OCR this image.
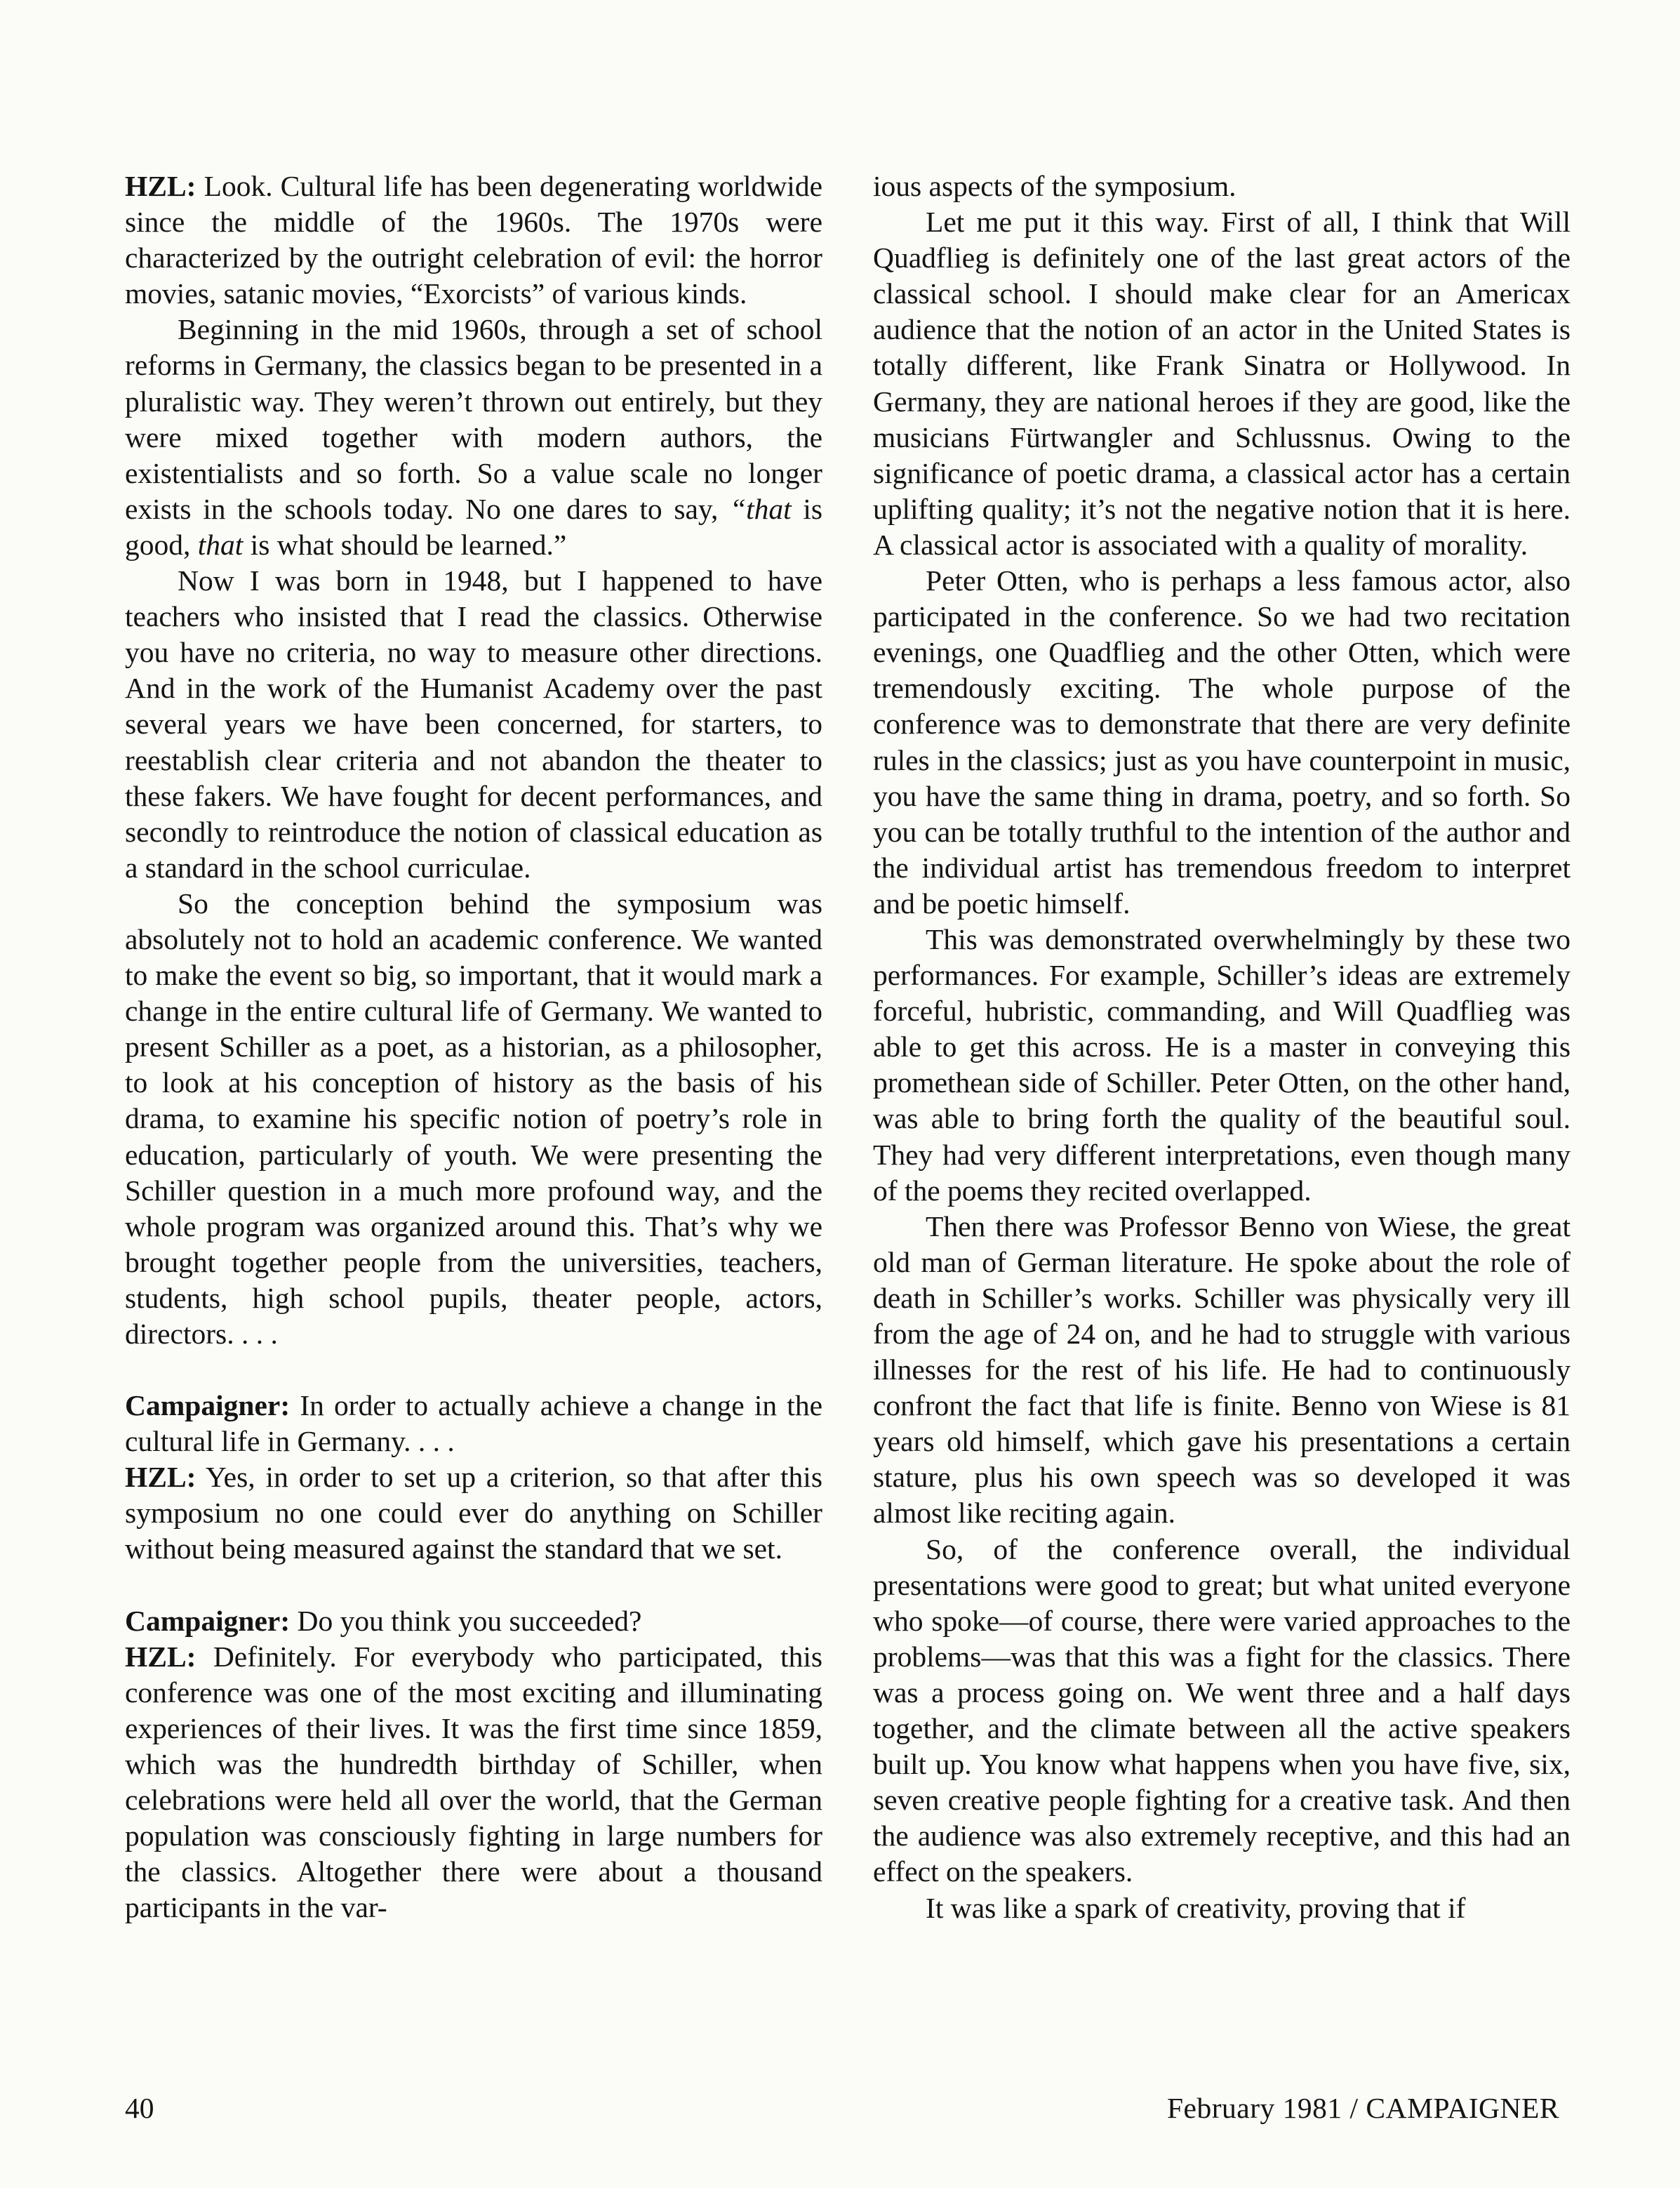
HZL: Look. Cultural life has been degenerating worldwide since the middle of the 1960s. The 1970s were characterized by the outright celebration of evil: the horror movies, satanic movies, “Exorcists” of various kinds.

Beginning in the mid 1960s, through a set of school reforms in Germany, the classics began to be presented in a pluralistic way. They weren’t thrown out entirely, but they were mixed together with modern authors, the existentialists and so forth. So a value scale no longer exists in the schools today. No one dares to say, “that is good, that is what should be learned.”

Now I was born in 1948, but I happened to have teachers who insisted that I read the classics. Otherwise you have no criteria, no way to measure other directions. And in the work of the Humanist Academy over the past several years we have been concerned, for starters, to reestablish clear criteria and not abandon the theater to these fakers. We have fought for decent performances, and secondly to reintroduce the notion of classical education as a standard in the school curriculae.

So the conception behind the symposium was absolutely not to hold an academic conference. We wanted to make the event so big, so important, that it would mark a change in the entire cultural life of Germany. We wanted to present Schiller as a poet, as a historian, as a philosopher, to look at his conception of history as the basis of his drama, to examine his specific notion of poetry’s role in education, particularly of youth. We were presenting the Schiller question in a much more profound way, and the whole program was organized around this. That’s why we brought together people from the universities, teachers, students, high school pupils, theater people, actors, directors. . . .

Campaigner: In order to actually achieve a change in the cultural life in Germany. . . .

HZL: Yes, in order to set up a criterion, so that after this symposium no one could ever do anything on Schiller without being measured against the standard that we set.

Campaigner: Do you think you succeeded?

HZL: Definitely. For everybody who participated, this conference was one of the most exciting and illuminating experiences of their lives. It was the first time since 1859, which was the hundredth birthday of Schiller, when celebrations were held all over the world, that the German population was consciously fighting in large numbers for the classics. Altogether there were about a thousand participants in the var-

ious aspects of the symposium.

Let me put it this way. First of all, I think that Will Quadflieg is definitely one of the last great actors of the classical school. I should make clear for an Americax audience that the notion of an actor in the United States is totally different, like Frank Sinatra or Hollywood. In Germany, they are national heroes if they are good, like the musicians Fürtwangler and Schlussnus. Owing to the significance of poetic drama, a classical actor has a certain uplifting quality; it’s not the negative notion that it is here. A classical actor is associated with a quality of morality.

Peter Otten, who is perhaps a less famous actor, also participated in the conference. So we had two recitation evenings, one Quadflieg and the other Otten, which were tremendously exciting. The whole purpose of the conference was to demonstrate that there are very definite rules in the classics; just as you have counterpoint in music, you have the same thing in drama, poetry, and so forth. So you can be totally truthful to the intention of the author and the individual artist has tremendous freedom to interpret and be poetic himself.

This was demonstrated overwhelmingly by these two performances. For example, Schiller’s ideas are extremely forceful, hubristic, commanding, and Will Quadflieg was able to get this across. He is a master in conveying this promethean side of Schiller. Peter Otten, on the other hand, was able to bring forth the quality of the beautiful soul. They had very different interpretations, even though many of the poems they recited overlapped.

Then there was Professor Benno von Wiese, the great old man of German literature. He spoke about the role of death in Schiller’s works. Schiller was physically very ill from the age of 24 on, and he had to struggle with various illnesses for the rest of his life. He had to continuously confront the fact that life is finite. Benno von Wiese is 81 years old himself, which gave his presentations a certain stature, plus his own speech was so developed it was almost like reciting again.

So, of the conference overall, the individual presentations were good to great; but what united everyone who spoke—of course, there were varied approaches to the problems—was that this was a fight for the classics. There was a process going on. We went three and a half days together, and the climate between all the active speakers built up. You know what happens when you have five, six, seven creative people fighting for a creative task. And then the audience was also extremely receptive, and this had an effect on the speakers.

It was like a spark of creativity, proving that if

40	February 1981 / CAMPAIGNER
